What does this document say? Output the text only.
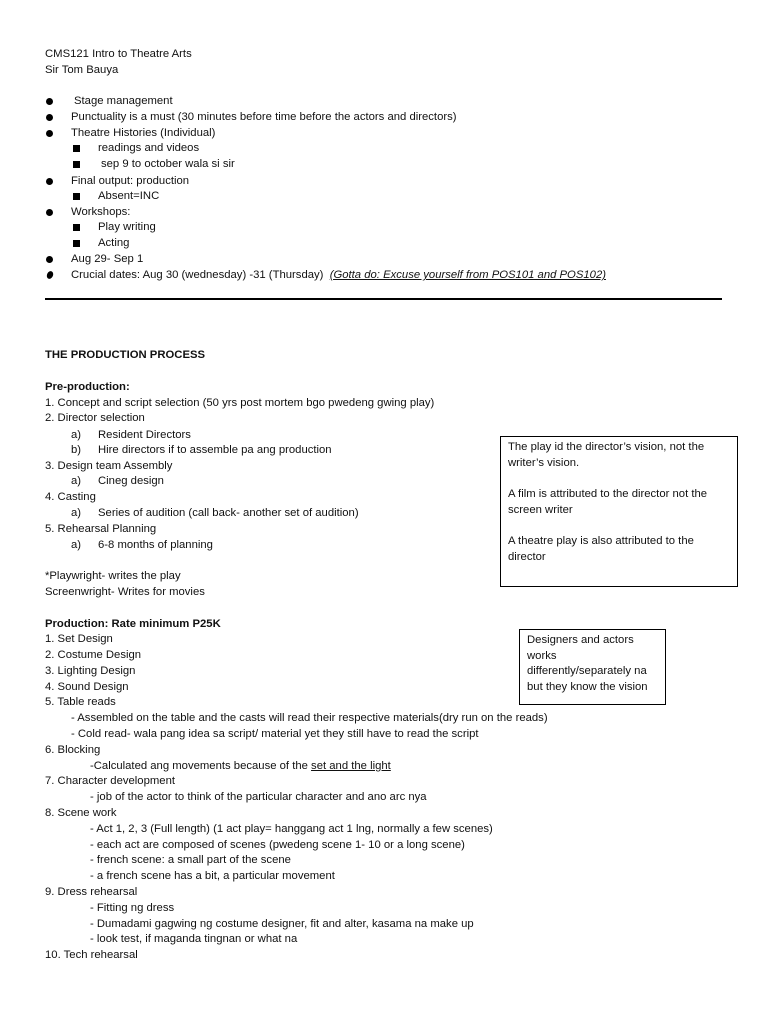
CMS121 Intro to Theatre Arts
Sir Tom Bauya
Stage management
Punctuality is a must (30 minutes before time before the actors and directors)
Theatre Histories (Individual)
readings and videos
sep 9 to october wala si sir
Final output: production
Absent=INC
Workshops:
Play writing
Acting
Aug 29- Sep 1
Crucial dates: Aug 30 (wednesday) -31 (Thursday) (Gotta do: Excuse yourself from POS101 and POS102)
THE PRODUCTION PROCESS
Pre-production:
1. Concept and script selection (50 yrs post mortem bgo pwedeng gwing play)
2. Director selection
a) Resident Directors
b) Hire directors if to assemble pa ang production
3. Design team Assembly
a) Cineg design
4. Casting
a) Series of audition (call back- another set of audition)
5. Rehearsal Planning
a) 6-8 months of planning
*Playwright- writes the play
Screenwright- Writes for movies
Production: Rate minimum P25K
1. Set Design
2. Costume Design
3. Lighting Design
4. Sound Design
5. Table reads
- Assembled on the table and the casts will read their respective materials(dry run on the reads)
- Cold read- wala pang idea sa script/ material yet they still have to read the script
6. Blocking
-Calculated ang movements because of the set and the light
7. Character development
- job of the actor to think of the particular character and ano arc nya
8. Scene work
- Act 1, 2, 3 (Full length) (1 act play= hanggang act 1 lng, normally a few scenes)
- each act are composed of scenes (pwedeng scene 1- 10 or a long scene)
- french scene: a small part of the scene
- a french scene has a bit, a particular movement
9. Dress rehearsal
- Fitting ng dress
- Dumadami gagwing ng costume designer, fit and alter, kasama na make up
- look test, if maganda tingnan or what na
10. Tech rehearsal

The play id the director’s vision, not the writer’s vision.

A film is attributed to the director not the screen writer

A theatre play is also attributed to the director

Designers and actors works differently/separately na but they know the vision
